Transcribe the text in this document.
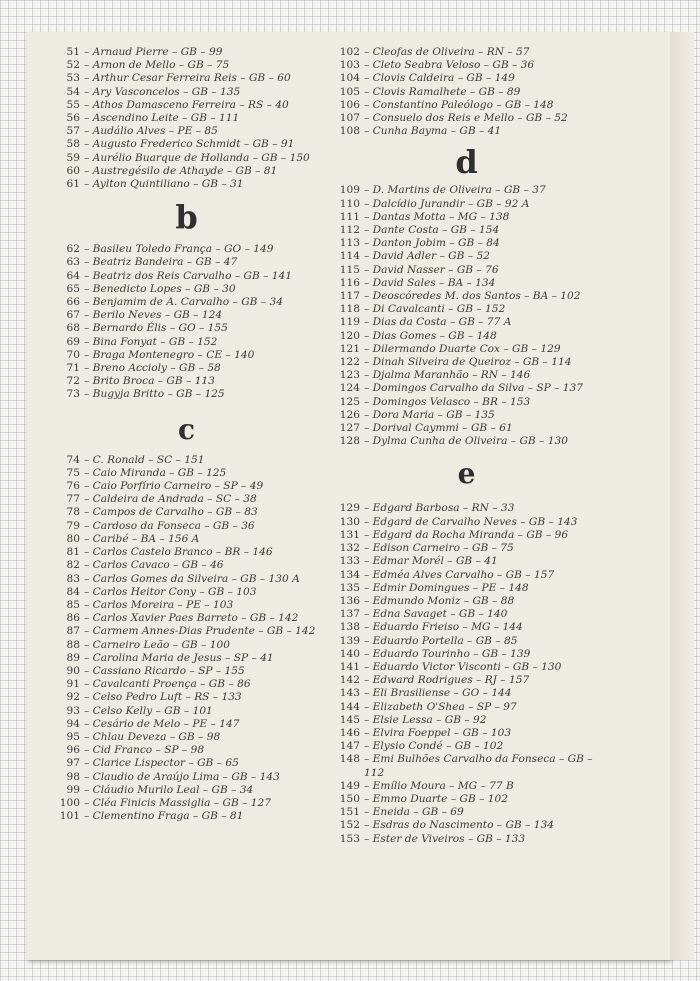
51 – Arnaud Pierre – GB – 99
52 – Arnon de Mello – GB – 75
53 – Arthur Cesar Ferreira Reis – GB – 60
54 – Ary Vasconcelos – GB – 135
55 – Athos Damasceno Ferreira – RS – 40
56 – Ascendino Leite – GB – 111
57 – Audálio Alves – PE – 85
58 – Augusto Frederico Schmidt – GB – 91
59 – Aurélio Buarque de Hollanda – GB – 150
60 – Austregésilo de Athayde – GB – 81
61 – Aylton Quintiliano – GB – 31
b
62 – Basileu Toledo França – GO – 149
63 – Beatriz Bandeira – GB – 47
64 – Beatriz dos Reis Carvalho – GB – 141
65 – Benedicto Lopes – GB – 30
66 – Benjamim de A. Carvalho – GB – 34
67 – Berilo Neves – GB – 124
68 – Bernardo Élis – GO – 155
69 – Bina Fonyat – GB – 152
70 – Braga Montenegro – CE – 140
71 – Breno Accioly – GB – 58
72 – Brito Broca – GB – 113
73 – Bugyja Britto – GB – 125
c
74 – C. Ronald – SC – 151
75 – Caio Miranda – GB – 125
76 – Caio Porfírio Carneiro – SP – 49
77 – Caldeira de Andrada – SC – 38
78 – Campos de Carvalho – GB – 83
79 – Cardoso da Fonseca – GB – 36
80 – Caribé – BA – 156 A
81 – Carlos Castelo Branco – BR – 146
82 – Carlos Cavaco – GB – 46
83 – Carlos Gomes da Silveira – GB – 130 A
84 – Carlos Heitor Cony – GB – 103
85 – Carlos Moreira – PE – 103
86 – Carlos Xavier Paes Barreto – GB – 142
87 – Carmem Annes-Dias Prudente – GB – 142
88 – Carneiro Leão – GB – 100
89 – Carolina Maria de Jesus – SP – 41
90 – Cassiano Ricardo – SP – 155
91 – Cavalcanti Proença – GB – 86
92 – Celso Pedro Luft – RS – 133
93 – Celso Kelly – GB – 101
94 – Cesário de Melo – PE – 147
95 – Chlau Deveza – GB – 98
96 – Cid Franco – SP – 98
97 – Clarice Lispector – GB – 65
98 – Claudio de Araújo Lima – GB – 143
99 – Cláudio Murilo Leal – GB – 34
100 – Cléa Finicis Massiglia – GB – 127
101 – Clementino Fraga – GB – 81
102 – Cleofas de Oliveira – RN – 57
103 – Cleto Seabra Veloso – GB – 36
104 – Clovis Caldeira – GB – 149
105 – Clovis Ramalhete – GB – 89
106 – Constantino Paleólogo – GB – 148
107 – Consuelo dos Reis e Mello – GB – 52
108 – Cunha Bayma – GB – 41
d
109 – D. Martins de Oliveira – GB – 37
110 – Dalcídio Jurandir – GB – 92 A
111 – Dantas Motta – MG – 138
112 – Dante Costa – GB – 154
113 – Danton Jobim – GB – 84
114 – David Adler – GB – 52
115 – David Nasser – GB – 76
116 – David Sales – BA – 134
117 – Deoscóredes M. dos Santos – BA – 102
118 – Di Cavalcanti – GB – 152
119 – Dias da Costa – GB – 77 A
120 – Dias Gomes – GB – 148
121 – Dilermando Duarte Cox – GB – 129
122 – Dinah Silveira de Queiroz – GB – 114
123 – Djalma Maranhão – RN – 146
124 – Domingos Carvalho da Silva – SP – 137
125 – Domingos Velasco – BR – 153
126 – Dora Maria – GB – 135
127 – Dorival Caymmi – GB – 61
128 – Dylma Cunha de Oliveira – GB – 130
e
129 – Edgard Barbosa – RN – 33
130 – Edgard de Carvalho Neves – GB – 143
131 – Edgard da Rocha Miranda – GB – 96
132 – Edison Carneiro – GB – 75
133 – Edmar Morél – GB – 41
134 – Edméa Alves Carvalho – GB – 157
135 – Edmir Domingues – PE – 148
136 – Edmundo Moniz – GB – 88
137 – Edna Savaget – GB – 140
138 – Eduardo Frieiso – MG – 144
139 – Eduardo Portella – GB – 85
140 – Eduardo Tourinho – GB – 139
141 – Eduardo Victor Visconti – GB – 130
142 – Edward Rodrigues – RJ – 157
143 – Eli Brasiliense – GO – 144
144 – Elizabeth O'Shea – SP – 97
145 – Elsie Lessa – GB – 92
146 – Elvira Foeppel – GB – 103
147 – Elysio Condé – GB – 102
148 – Emi Bulhões Carvalho da Fonseca – GB – 112
149 – Emílio Moura – MG – 77 B
150 – Emmo Duarte – GB – 102
151 – Eneida – GB – 69
152 – Esdras do Nascimento – GB – 134
153 – Ester de Viveiros – GB – 133
